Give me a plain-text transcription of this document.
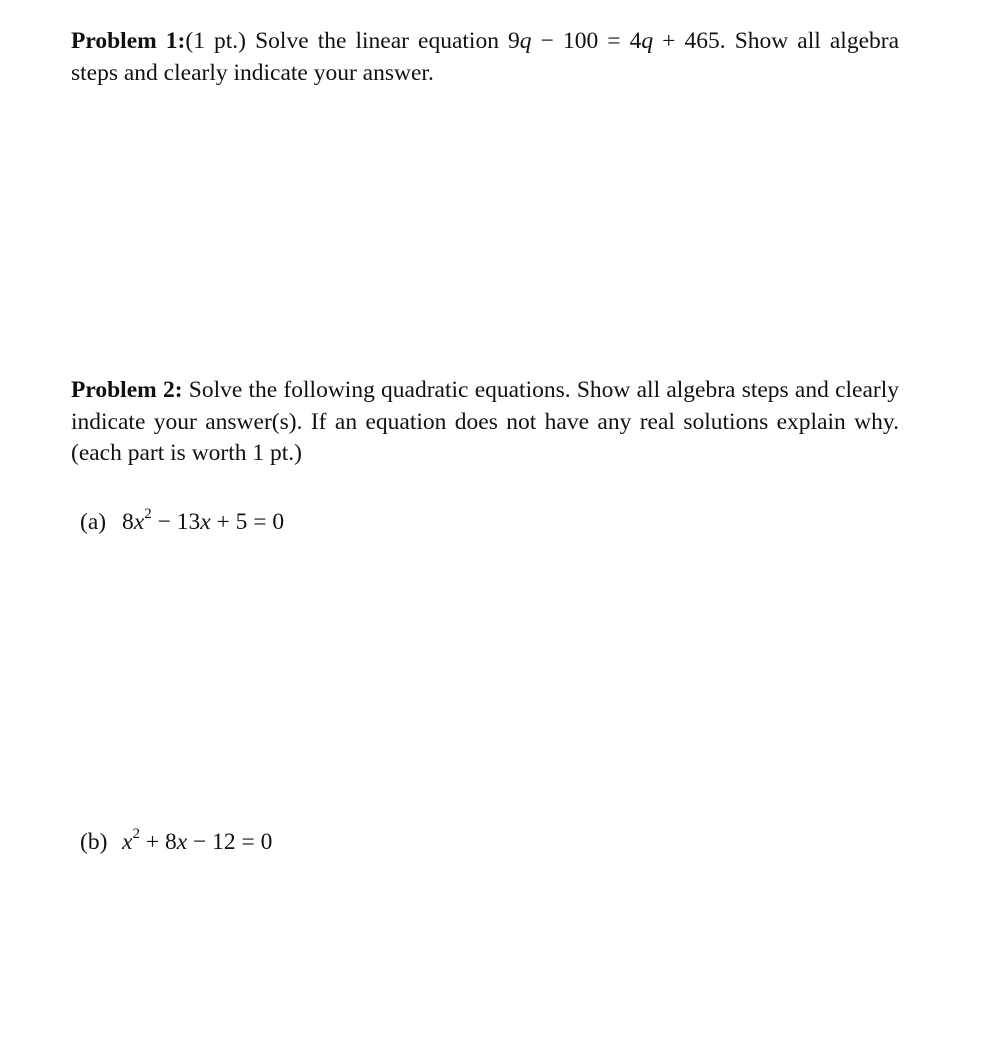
Problem 1:(1 pt.) Solve the linear equation 9q − 100 = 4q + 465. Show all algebra steps and clearly indicate your answer.

Problem 2: Solve the following quadratic equations. Show all algebra steps and clearly indicate your answer(s). If an equation does not have any real solutions explain why. (each part is worth 1 pt.)

(a) $8x^2 - 13x + 5 = 0$

(b) $x^2 + 8x - 12 = 0$
